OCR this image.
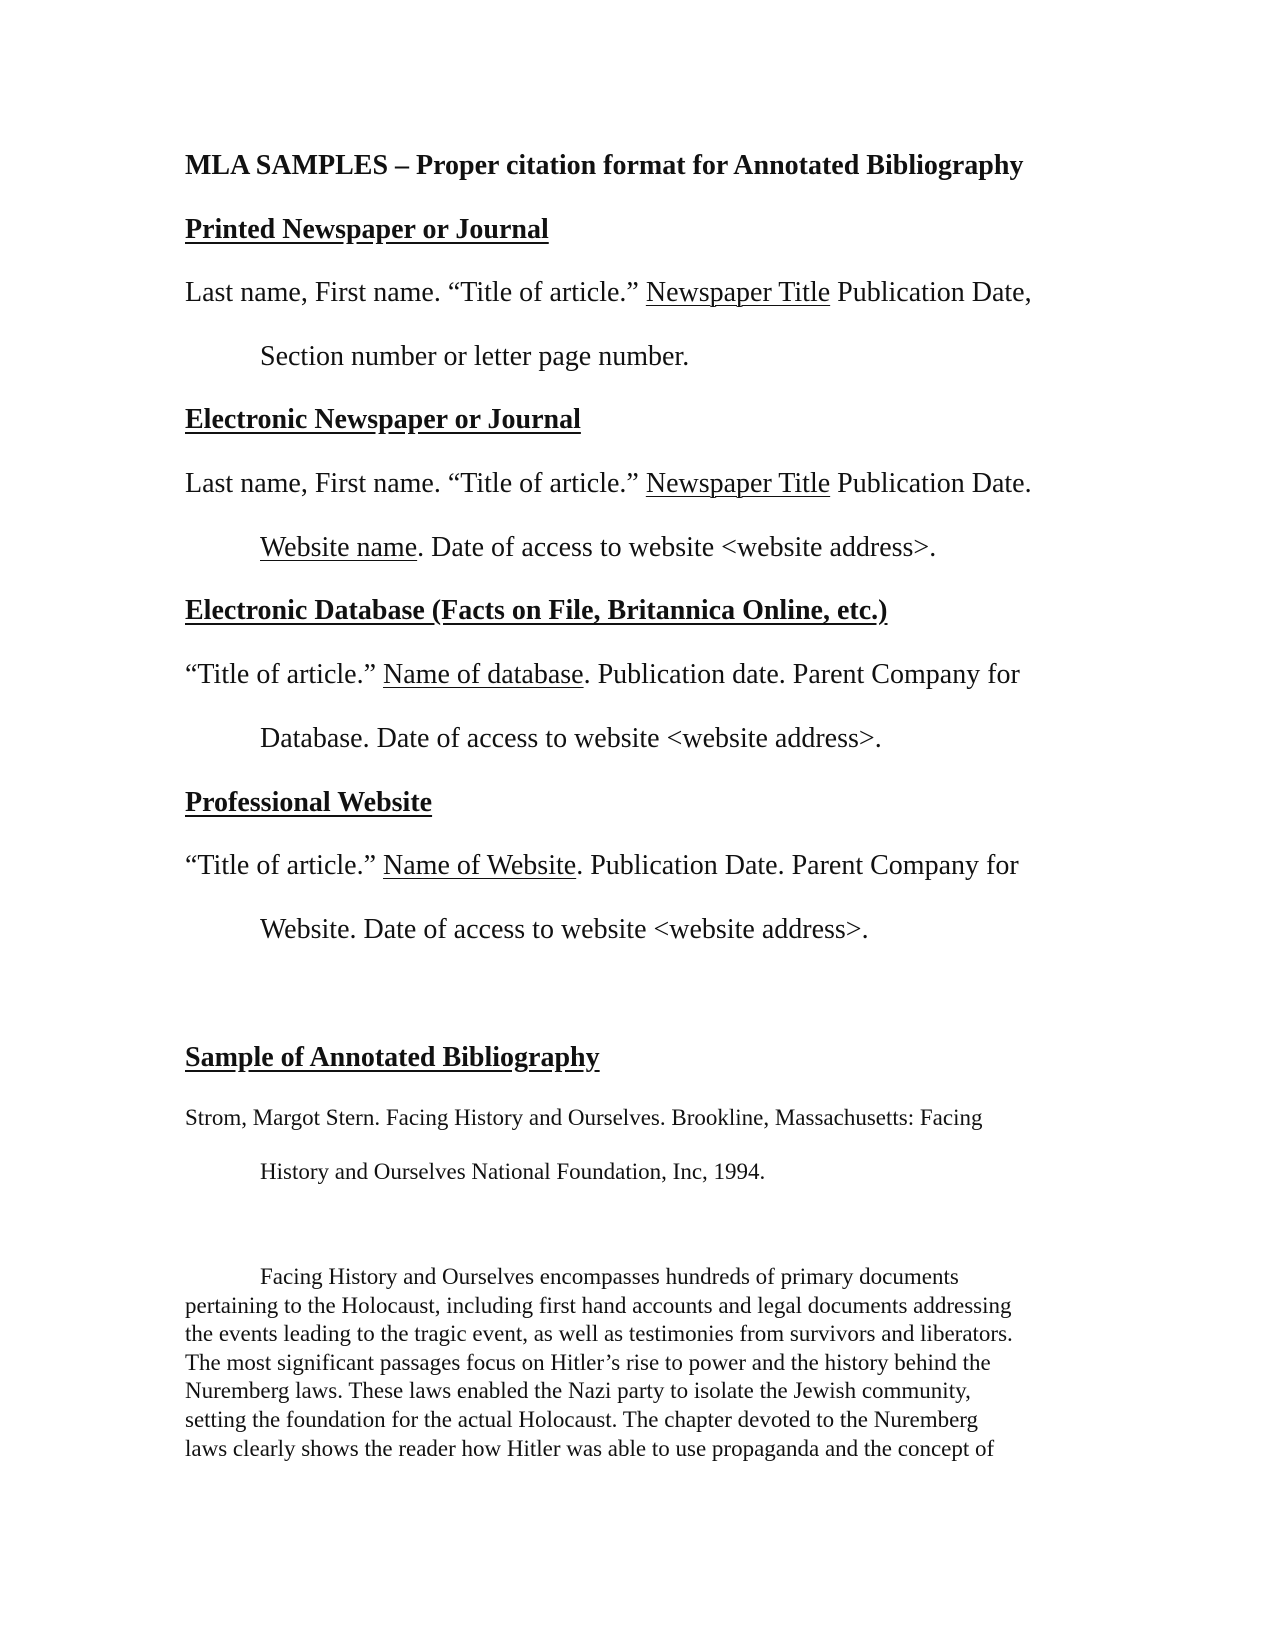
MLA SAMPLES – Proper citation format for Annotated Bibliography
Printed Newspaper or Journal
Last name, First name. “Title of article.” Newspaper Title Publication Date,
Section number or letter page number.
Electronic Newspaper or Journal
Last name, First name. “Title of article.” Newspaper Title Publication Date.
Website name. Date of access to website <website address>.
Electronic Database (Facts on File, Britannica Online, etc.)
“Title of article.” Name of database. Publication date. Parent Company for
Database. Date of access to website <website address>.
Professional Website
“Title of article.” Name of Website. Publication Date. Parent Company for
Website. Date of access to website <website address>.
Sample of Annotated Bibliography
Strom, Margot Stern. Facing History and Ourselves. Brookline, Massachusetts: Facing
History and Ourselves National Foundation, Inc, 1994.
Facing History and Ourselves encompasses hundreds of primary documents
pertaining to the Holocaust, including first hand accounts and legal documents addressing
the events leading to the tragic event, as well as testimonies from survivors and liberators.
The most significant passages focus on Hitler’s rise to power and the history behind the
Nuremberg laws. These laws enabled the Nazi party to isolate the Jewish community,
setting the foundation for the actual Holocaust. The chapter devoted to the Nuremberg
laws clearly shows the reader how Hitler was able to use propaganda and the concept of
